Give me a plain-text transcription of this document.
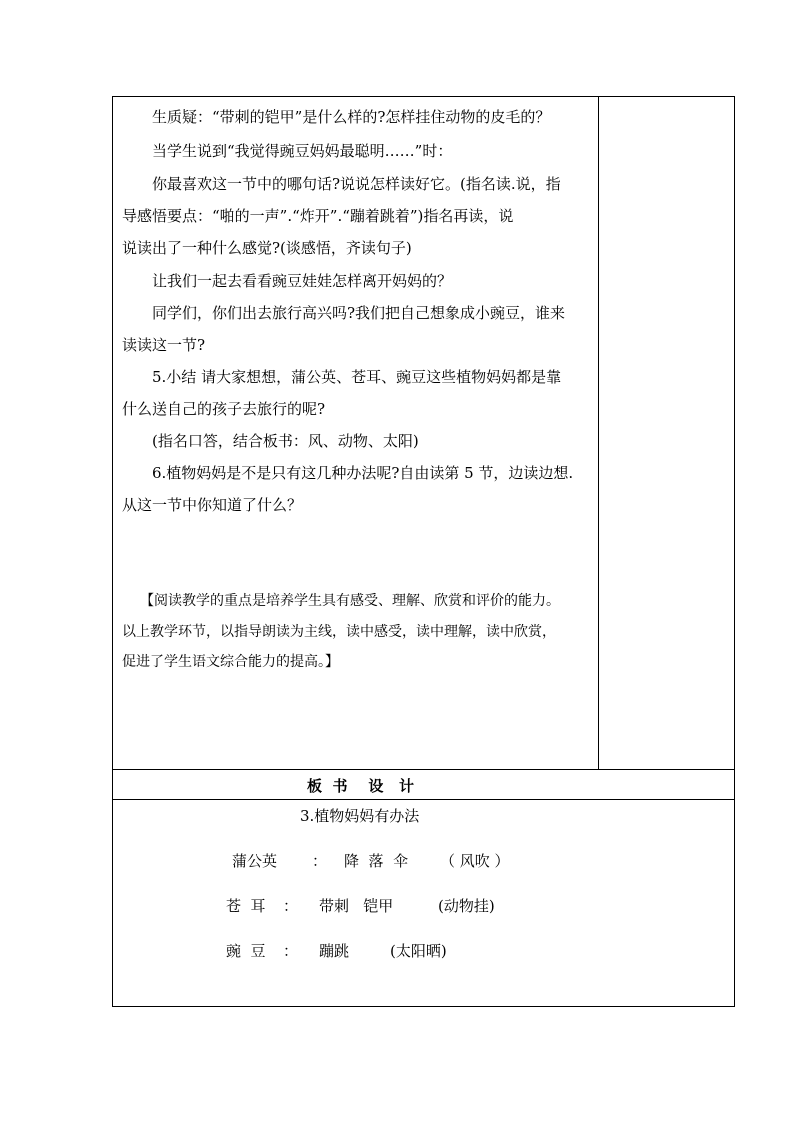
生质疑：“带刺的铠甲”是什么样的?怎样挂住动物的皮毛的？
当学生说到“我觉得豌豆妈妈最聪明……”时：
你最喜欢这一节中的哪句话?说说怎样读好它。(指名读.说，指
导感悟要点：“啪的一声”.“炸开”.“蹦着跳着”)指名再读，说
说读出了一种什么感觉?(谈感悟，齐读句子)
让我们一起去看看豌豆娃娃怎样离开妈妈的？
同学们，你们出去旅行高兴吗?我们把自己想象成小豌豆，谁来
读读这一节?
5.小结 请大家想想，蒲公英、苍耳、豌豆这些植物妈妈都是靠
什么送自己的孩子去旅行的呢?
(指名口答，结合板书：风、动物、太阳)
6.植物妈妈是不是只有这几种办法呢?自由读第 5 节，边读边想.
从这一节中你知道了什么？
【阅读教学的重点是培养学生具有感受、理解、欣赏和评价的能力。
以上教学环节，以指导朗读为主线，读中感受，读中理解，读中欣赏，
促进了学生语文综合能力的提高。】
板  书    设   计
3.植物妈妈有办法
蒲公英 ： 降  落  伞 （ 风吹 ）
苍  耳 ： 带刺   铠甲	(动物挂)
豌  豆 ： 蹦跳	(太阳晒)
